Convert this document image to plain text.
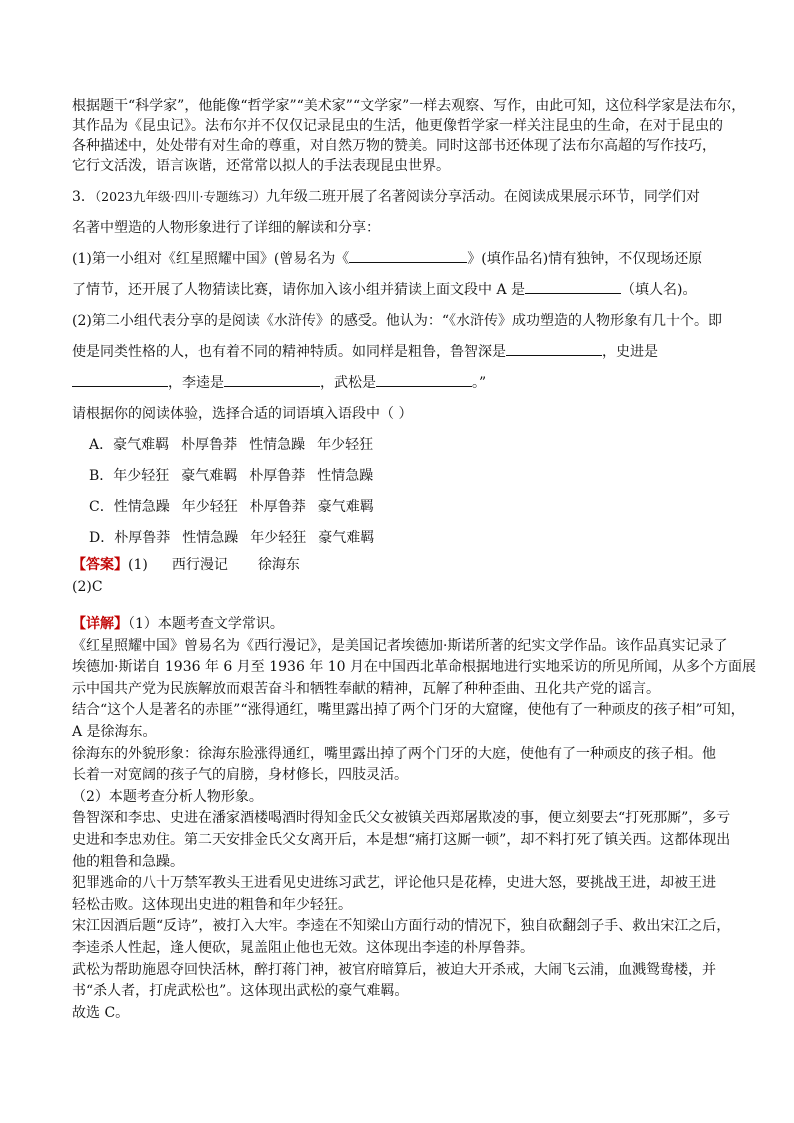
根据题干“科学家”，他能像“哲学家”“美术家”“文学家”一样去观察、写作，由此可知，这位科学家是法布尔，

其作品为《昆虫记》。法布尔并不仅仅记录昆虫的生活，他更像哲学家一样关注昆虫的生命，在对于昆虫的

各种描述中，处处带有对生命的尊重，对自然万物的赞美。同时这部书还体现了法布尔高超的写作技巧，

它行文活泼，语言诙谐，还常常以拟人的手法表现昆虫世界。

3．（2023九年级·四川·专题练习）九年级二班开展了名著阅读分享活动。在阅读成果展示环节，同学们对

名著中塑造的人物形象进行了详细的解读和分享：

(1)第一小组对《红星照耀中国》(曾易名为《	》(填作品名)情有独钟，不仅现场还原

了情节，还开展了人物猜读比赛，请你加入该小组并猜读上面文段中 A 是	（填人名)。

(2)第二小组代表分享的是阅读《水浒传》的感受。他认为：“《水浒传》成功塑造的人物形象有几十个。即

使是同类性格的人，也有着不同的精神特质。如同样是粗鲁，鲁智深是	，史进是

，李逵是	，武松是	。”

请根据你的阅读体验，选择合适的词语填入语段中（ ）

A．豪气难羁 朴厚鲁莽 性情急躁 年少轻狂

B．年少轻狂 豪气难羁 朴厚鲁莽 性情急躁

C．性情急躁 年少轻狂 朴厚鲁莽 豪气难羁

D．朴厚鲁莽 性情急躁 年少轻狂 豪气难羁

【答案】(1) 西行漫记 徐海东

(2)C

【详解】（1）本题考查文学常识。

《红星照耀中国》曾易名为《西行漫记》，是美国记者埃德加·斯诺所著的纪实文学作品。该作品真实记录了

埃德加·斯诺自 1936 年 6 月至 1936 年 10 月在中国西北革命根据地进行实地采访的所见所闻，从多个方面展

示中国共产党为民族解放而艰苦奋斗和牺牲奉献的精神，瓦解了种种歪曲、丑化共产党的谣言。

结合“这个人是著名的赤匪”“涨得通红，嘴里露出掉了两个门牙的大窟窿，使他有了一种顽皮的孩子相”可知，

A 是徐海东。

徐海东的外貌形象：徐海东脸涨得通红，嘴里露出掉了两个门牙的大庭，使他有了一种顽皮的孩子相。他

长着一对宽阔的孩子气的肩膀，身材修长，四肢灵活。

（2）本题考查分析人物形象。

鲁智深和李忠、史进在潘家酒楼喝酒时得知金氏父女被镇关西郑屠欺凌的事，便立刻要去“打死那厮”，多亏

史进和李忠劝住。第二天安排金氏父女离开后，本是想“痛打这厮一顿”，却不料打死了镇关西。这都体现出

他的粗鲁和急躁。

犯罪逃命的八十万禁军教头王进看见史进练习武艺，评论他只是花棒，史进大怒，要挑战王进，却被王进

轻松击败。这体现出史进的粗鲁和年少轻狂。

宋江因酒后题“反诗”，被打入大牢。李逵在不知梁山方面行动的情况下，独自砍翻刽子手、救出宋江之后，

李逵杀人性起，逢人便砍，晁盖阻止他也无效。这体现出李逵的朴厚鲁莽。

武松为帮助施恩夺回快活林，醉打蒋门神，被官府暗算后，被迫大开杀戒，大闹飞云浦，血溅鸳鸯楼，并

书“杀人者，打虎武松也”。这体现出武松的豪气难羁。

故选 C。
